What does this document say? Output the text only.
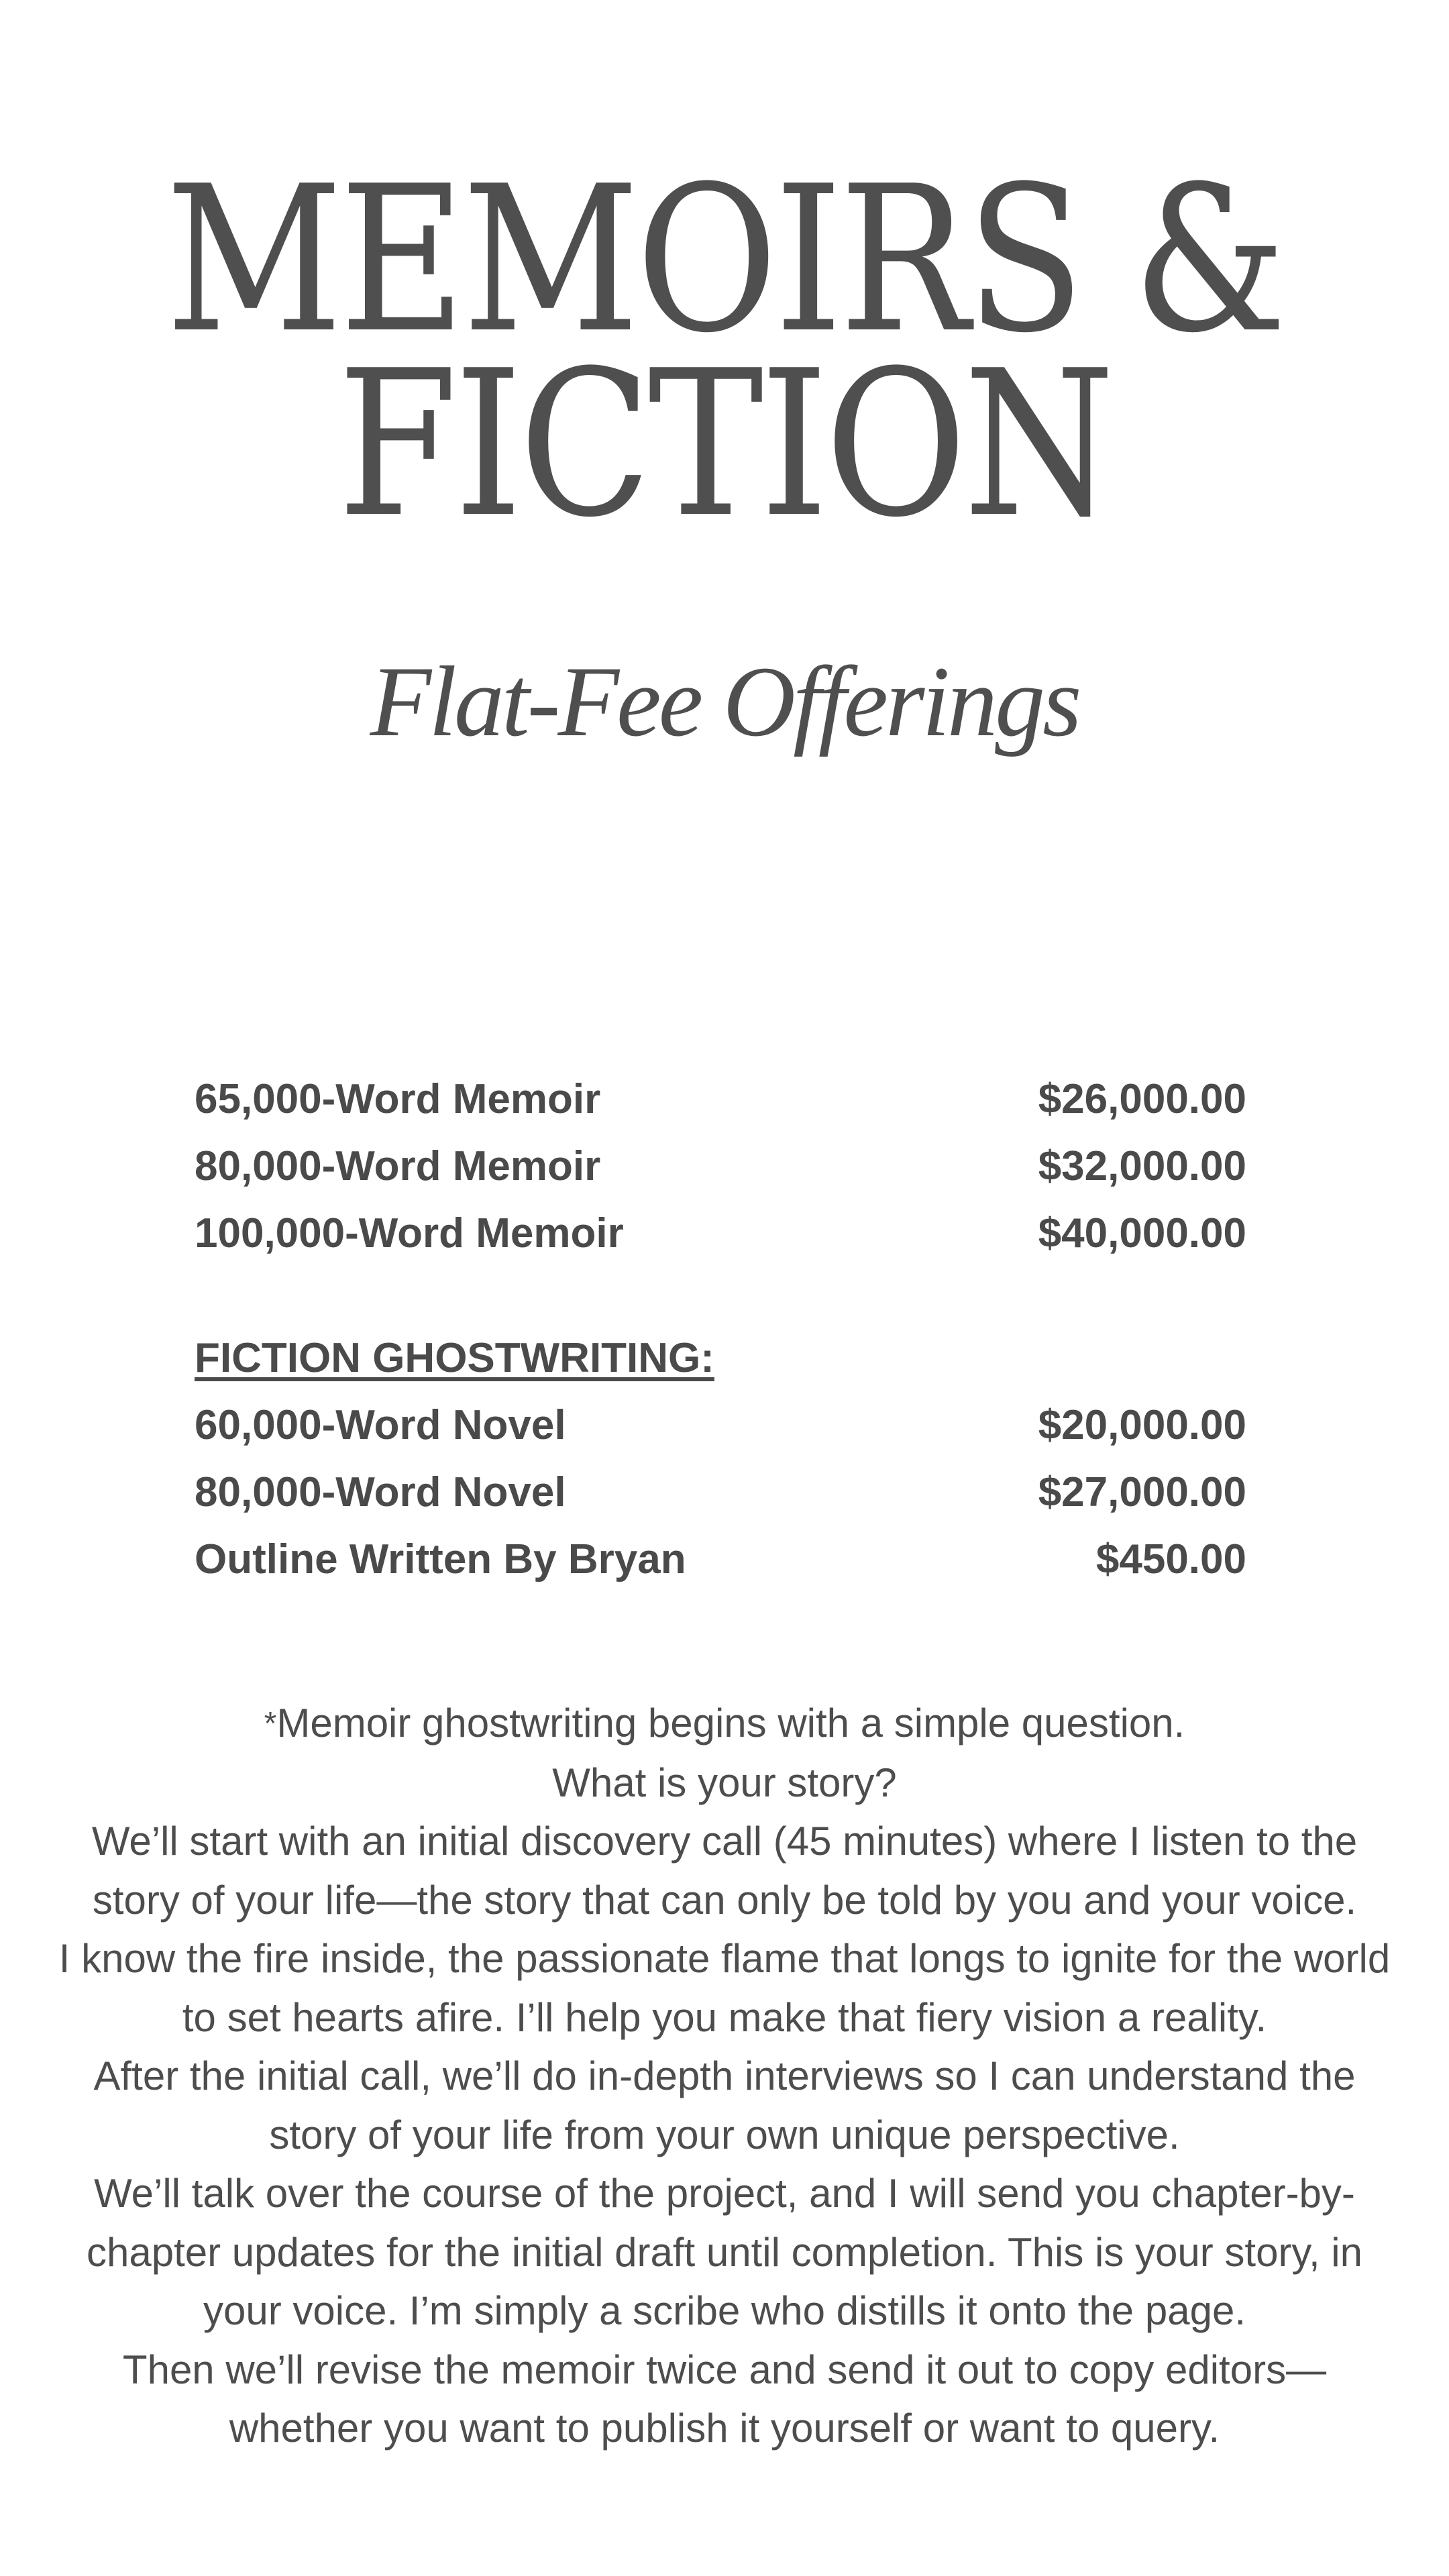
MEMOIRS &
FICTION
Flat-Fee Offerings
65,000-Word Memoir	$26,000.00
80,000-Word Memoir	$32,000.00
100,000-Word Memoir	$40,000.00
FICTION GHOSTWRITING:
60,000-Word Novel	$20,000.00
80,000-Word Novel	$27,000.00
Outline Written By Bryan	$450.00
*Memoir ghostwriting begins with a simple question.
What is your story?
We’ll start with an initial discovery call (45 minutes) where I listen to the
story of your life—the story that can only be told by you and your voice.
I know the fire inside, the passionate flame that longs to ignite for the world
to set hearts afire. I’ll help you make that fiery vision a reality.
After the initial call, we’ll do in-depth interviews so I can understand the
story of your life from your own unique perspective.
We’ll talk over the course of the project, and I will send you chapter-by-
chapter updates for the initial draft until completion. This is your story, in
your voice. I’m simply a scribe who distills it onto the page.
Then we’ll revise the memoir twice and send it out to copy editors—
whether you want to publish it yourself or want to query.
